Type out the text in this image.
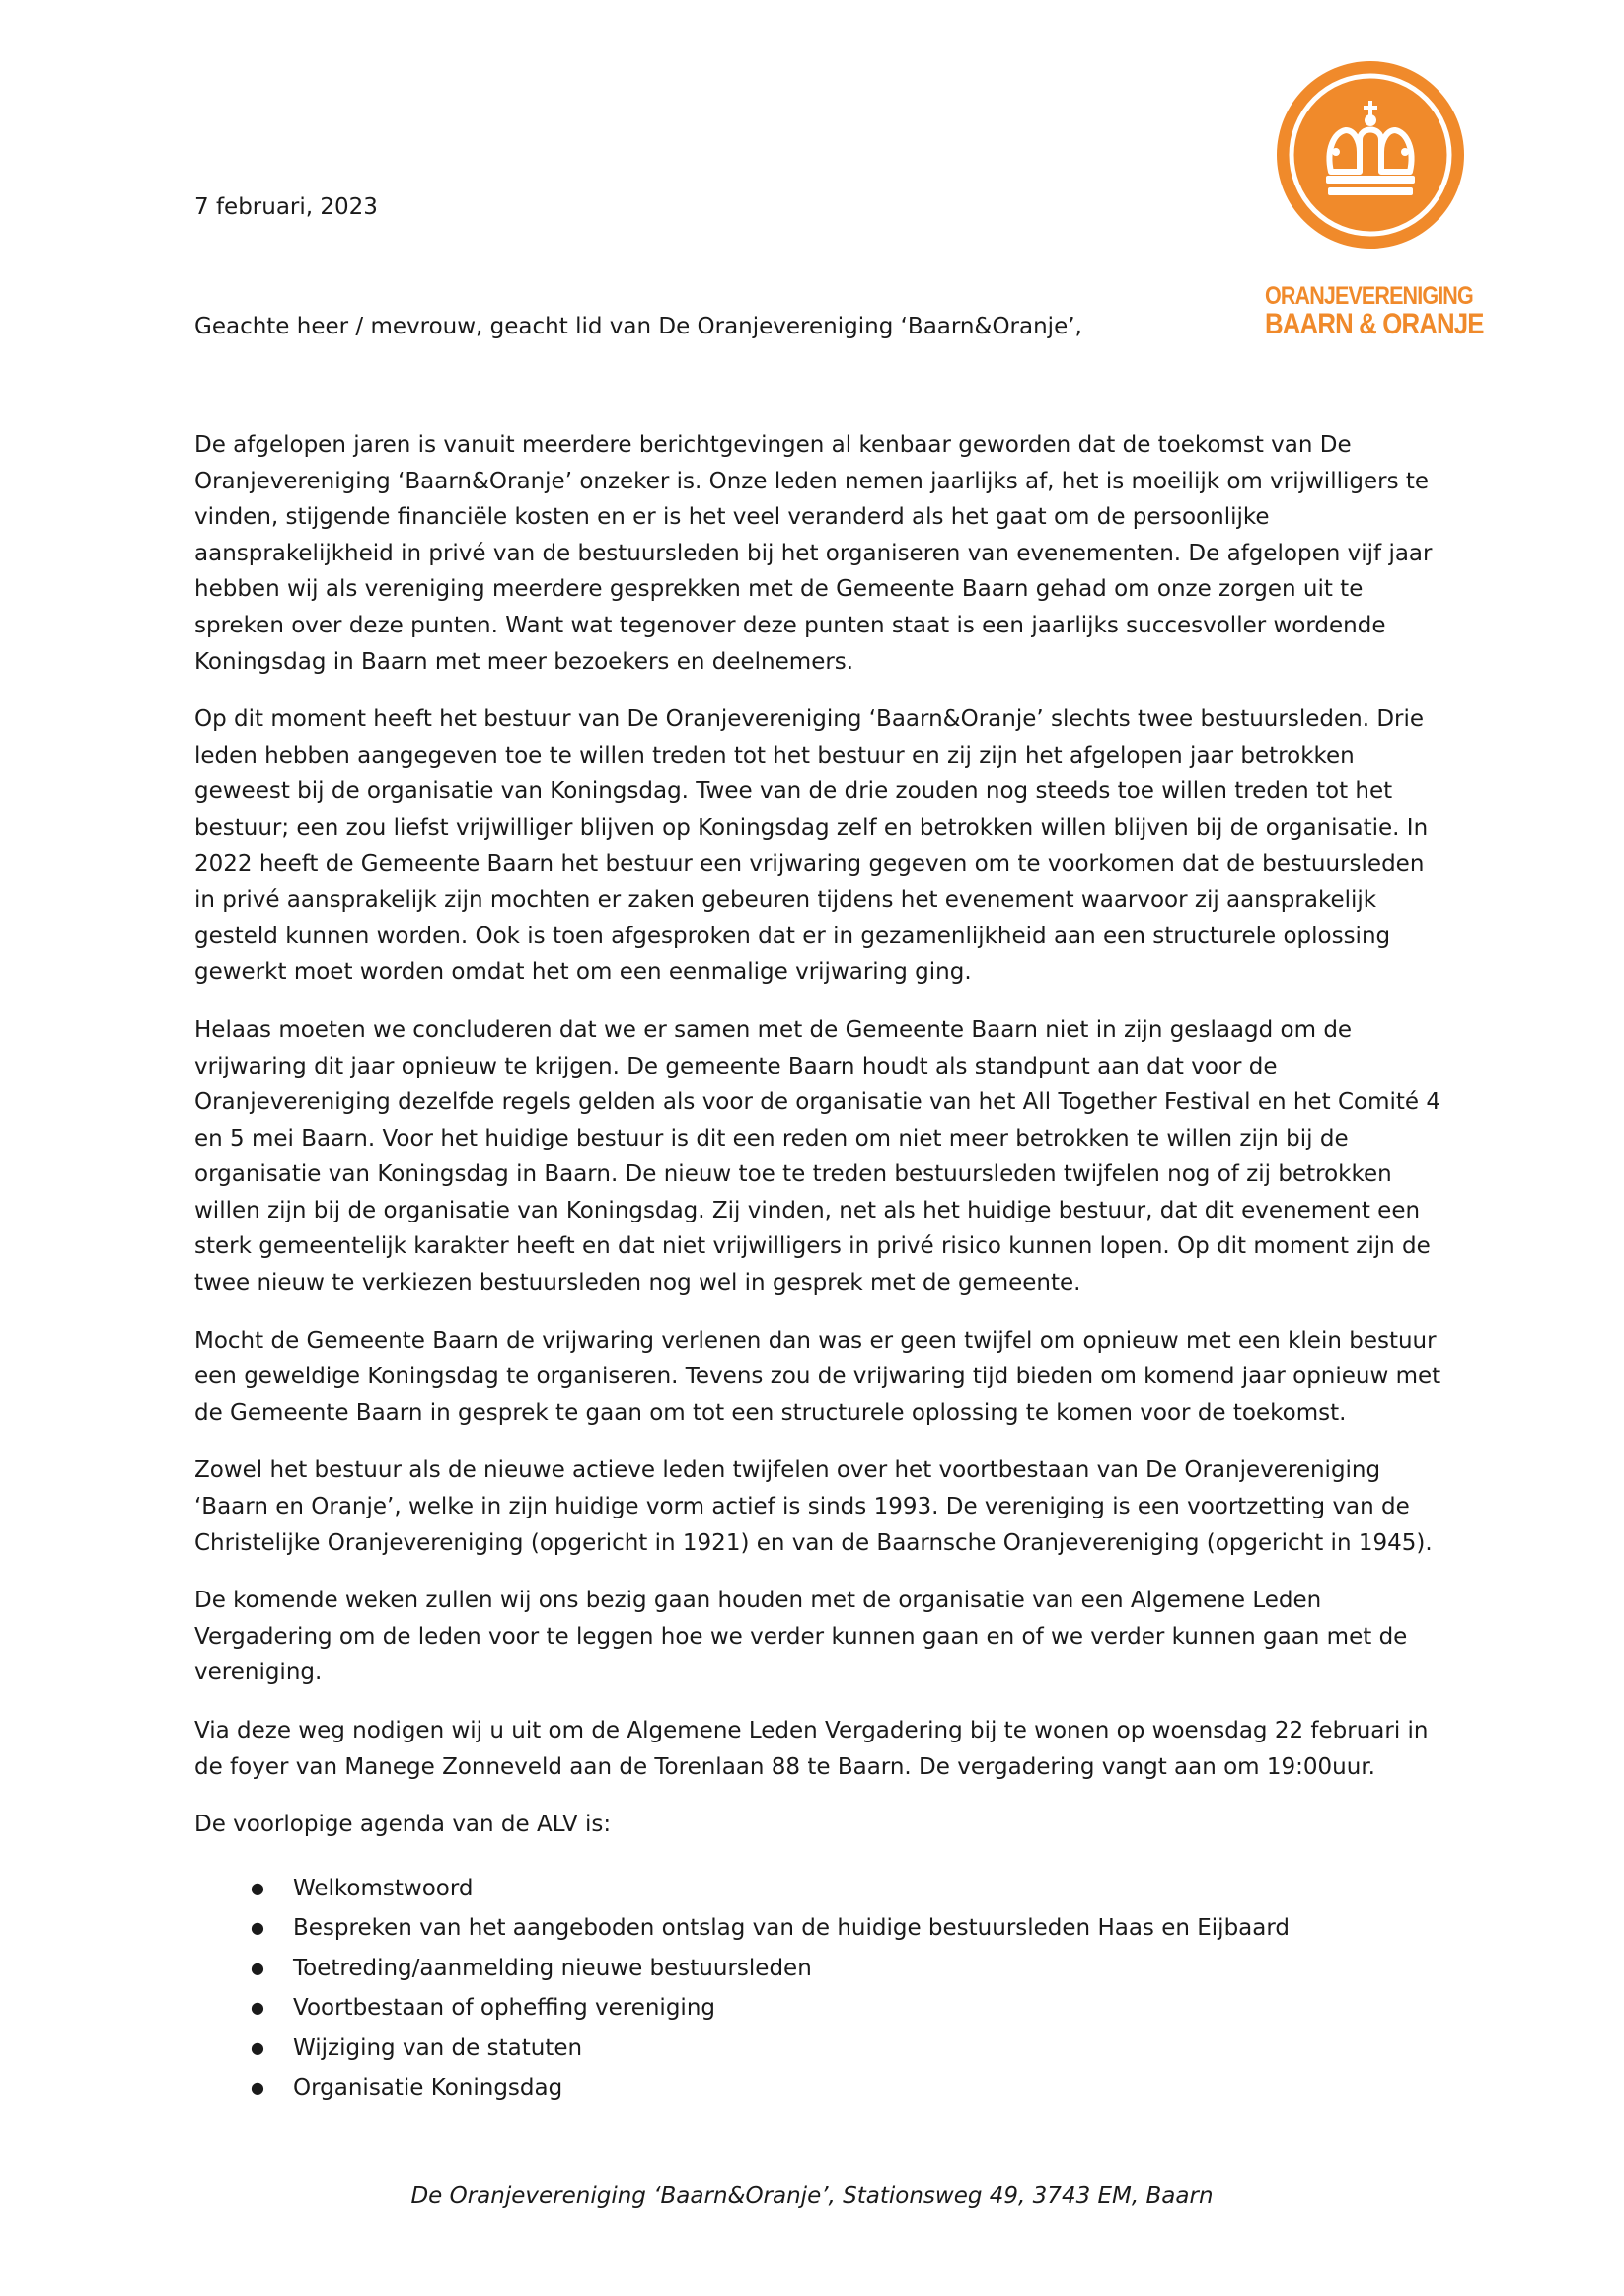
ORANJEVERENIGING
BAARN & ORANJE
7 februari, 2023
Geachte heer / mevrouw, geacht lid van De Oranjevereniging ‘Baarn&Oranje’,

De afgelopen jaren is vanuit meerdere berichtgevingen al kenbaar geworden dat de toekomst van De Oranjevereniging ‘Baarn&Oranje’ onzeker is. Onze leden nemen jaarlijks af, het is moeilijk om vrijwilligers te vinden, stijgende financiële kosten en er is het veel veranderd als het gaat om de persoonlijke aansprakelijkheid in privé van de bestuursleden bij het organiseren van evenementen. De afgelopen vijf jaar hebben wij als vereniging meerdere gesprekken met de Gemeente Baarn gehad om onze zorgen uit te spreken over deze punten. Want wat tegenover deze punten staat is een jaarlijks succesvoller wordende Koningsdag in Baarn met meer bezoekers en deelnemers.

Op dit moment heeft het bestuur van De Oranjevereniging ‘Baarn&Oranje’ slechts twee bestuursleden. Drie leden hebben aangegeven toe te willen treden tot het bestuur en zij zijn het afgelopen jaar betrokken geweest bij de organisatie van Koningsdag. Twee van de drie zouden nog steeds toe willen treden tot het bestuur; een zou liefst vrijwilliger blijven op Koningsdag zelf en betrokken willen blijven bij de organisatie. In 2022 heeft de Gemeente Baarn het bestuur een vrijwaring gegeven om te voorkomen dat de bestuursleden in privé aansprakelijk zijn mochten er zaken gebeuren tijdens het evenement waarvoor zij aansprakelijk gesteld kunnen worden. Ook is toen afgesproken dat er in gezamenlijkheid aan een structurele oplossing gewerkt moet worden omdat het om een eenmalige vrijwaring ging.

Helaas moeten we concluderen dat we er samen met de Gemeente Baarn niet in zijn geslaagd om de vrijwaring dit jaar opnieuw te krijgen. De gemeente Baarn houdt als standpunt aan dat voor de Oranjevereniging dezelfde regels gelden als voor de organisatie van het All Together Festival en het Comité 4 en 5 mei Baarn. Voor het huidige bestuur is dit een reden om niet meer betrokken te willen zijn bij de organisatie van Koningsdag in Baarn. De nieuw toe te treden bestuursleden twijfelen nog of zij betrokken willen zijn bij de organisatie van Koningsdag. Zij vinden, net als het huidige bestuur, dat dit evenement een sterk gemeentelijk karakter heeft en dat niet vrijwilligers in privé risico kunnen lopen. Op dit moment zijn de twee nieuw te verkiezen bestuursleden nog wel in gesprek met de gemeente.

Mocht de Gemeente Baarn de vrijwaring verlenen dan was er geen twijfel om opnieuw met een klein bestuur een geweldige Koningsdag te organiseren. Tevens zou de vrijwaring tijd bieden om komend jaar opnieuw met de Gemeente Baarn in gesprek te gaan om tot een structurele oplossing te komen voor de toekomst.

Zowel het bestuur als de nieuwe actieve leden twijfelen over het voortbestaan van De Oranjevereniging ‘Baarn en Oranje’, welke in zijn huidige vorm actief is sinds 1993. De vereniging is een voortzetting van de Christelijke Oranjevereniging (opgericht in 1921) en van de Baarnsche Oranjevereniging (opgericht in 1945).

De komende weken zullen wij ons bezig gaan houden met de organisatie van een Algemene Leden Vergadering om de leden voor te leggen hoe we verder kunnen gaan en of we verder kunnen gaan met de vereniging.

Via deze weg nodigen wij u uit om de Algemene Leden Vergadering bij te wonen op woensdag 22 februari in de foyer van Manege Zonneveld aan de Torenlaan 88 te Baarn. De vergadering vangt aan om 19:00uur.

De voorlopige agenda van de ALV is:

● Welkomstwoord
● Bespreken van het aangeboden ontslag van de huidige bestuursleden Haas en Eijbaard
● Toetreding/aanmelding nieuwe bestuursleden
● Voortbestaan of opheffing vereniging
● Wijziging van de statuten
● Organisatie Koningsdag
De Oranjevereniging ‘Baarn&Oranje’, Stationsweg 49, 3743 EM, Baarn
